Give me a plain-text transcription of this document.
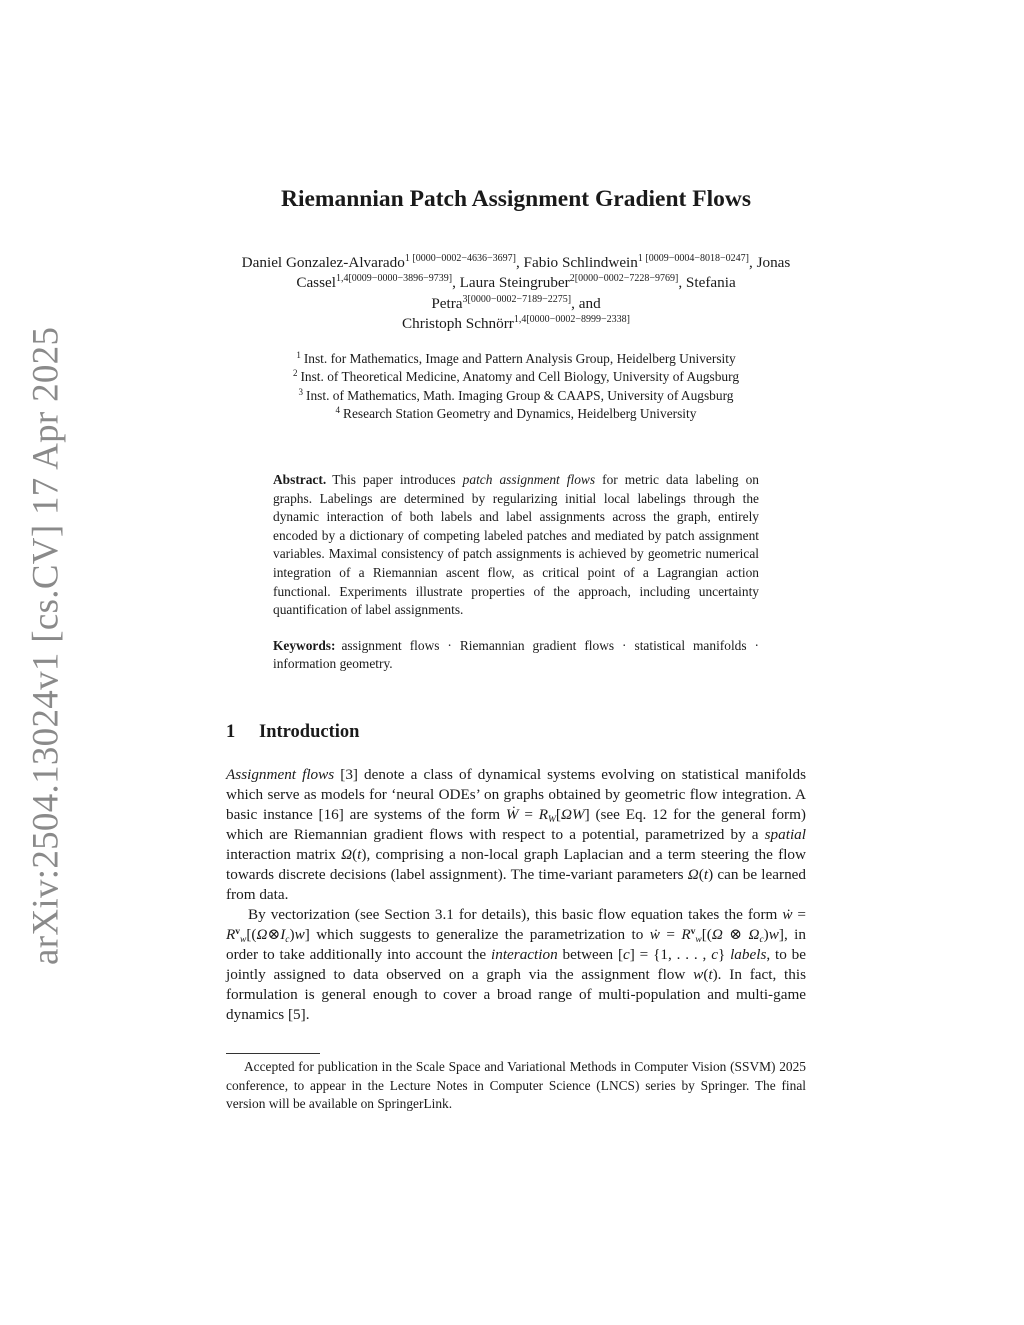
arXiv:2504.13024v1 [cs.CV] 17 Apr 2025
Riemannian Patch Assignment Gradient Flows
Daniel Gonzalez-Alvarado$^{1 [0000-0002-4636-3697]}$, Fabio Schlindwein$^{1 [0009-0004-8018-0247]}$, Jonas Cassel$^{1,4[0009-0000-3896-9739]}$, Laura Steingruber$^{2[0000-0002-7228-9769]}$, Stefania Petra$^{3[0000-0002-7189-2275]}$, and
Christoph Schnörr$^{1,4[0000-0002-8999-2338]}$
$^1$ Inst. for Mathematics, Image and Pattern Analysis Group, Heidelberg University
$^2$ Inst. of Theoretical Medicine, Anatomy and Cell Biology, University of Augsburg
$^3$ Inst. of Mathematics, Math. Imaging Group & CAAPS, University of Augsburg
$^4$ Research Station Geometry and Dynamics, Heidelberg University

Abstract. This paper introduces patch assignment flows for metric data labeling on graphs. Labelings are determined by regularizing initial local labelings through the dynamic interaction of both labels and label assignments across the graph, entirely encoded by a dictionary of competing labeled patches and mediated by patch assignment variables. Maximal consistency of patch assignments is achieved by geometric numerical integration of a Riemannian ascent flow, as critical point of a Lagrangian action functional. Experiments illustrate properties of the approach, including uncertainty quantification of label assignments.

Keywords: assignment flows · Riemannian gradient flows · statistical manifolds · information geometry.

1 Introduction

Assignment flows [3] denote a class of dynamical systems evolving on statistical manifolds which serve as models for ‘neural ODEs’ on graphs obtained by geometric flow integration. A basic instance [16] are systems of the form Ẇ = $R_W[\Omega W]$ (see Eq. 12 for the general form) which are Riemannian gradient flows with respect to a potential, parametrized by a spatial interaction matrix Ω(t), comprising a non-local graph Laplacian and a term steering the flow towards discrete decisions (label assignment). The time-variant parameters Ω(t) can be learned from data.

By vectorization (see Section 3.1 for details), this basic flow equation takes the form ẇ = $R^v_w[(\Omega\otimes I_c)w]$ which suggests to generalize the parametrization to ẇ = $R^v_w[(\Omega$ ⊗ $\Omega_c)w$], in order to take additionally into account the interaction between [c] = {1, . . . , c} labels, to be jointly assigned to data observed on a graph via the assignment flow w(t). In fact, this formulation is general enough to cover a broad range of multi-population and multi-game dynamics [5].

Accepted for publication in the Scale Space and Variational Methods in Computer Vision (SSVM) 2025 conference, to appear in the Lecture Notes in Computer Science (LNCS) series by Springer. The final version will be available on SpringerLink.
